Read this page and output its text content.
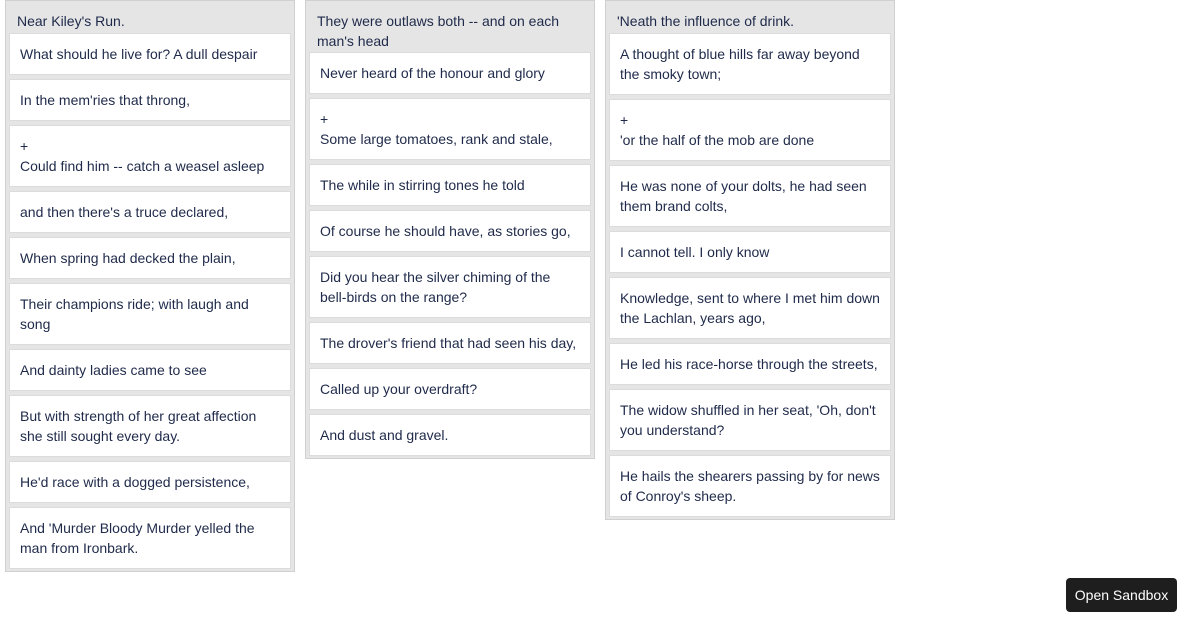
Near Kiley's Run.
What should he live for? A dull despair
In the mem'ries that throng,
+
Could find him -- catch a weasel asleep
and then there's a truce declared,
When spring had decked the plain,
Their champions ride; with laugh and song
And dainty ladies came to see
But with strength of her great affection she still sought every day.
He'd race with a dogged persistence,
And 'Murder Bloody Murder yelled the man from Ironbark.
They were outlaws both -- and on each man's head
Never heard of the honour and glory
+
Some large tomatoes, rank and stale,
The while in stirring tones he told
Of course he should have, as stories go,
Did you hear the silver chiming of the bell-birds on the range?
The drover's friend that had seen his day,
Called up your overdraft?
And dust and gravel.
'Neath the influence of drink.
A thought of blue hills far away beyond the smoky town;
+
'or the half of the mob are done
He was none of your dolts, he had seen them brand colts,
I cannot tell. I only know
Knowledge, sent to where I met him down the Lachlan, years ago,
He led his race-horse through the streets,
The widow shuffled in her seat, 'Oh, don't you understand?
He hails the shearers passing by for news of Conroy's sheep.
Open Sandbox
